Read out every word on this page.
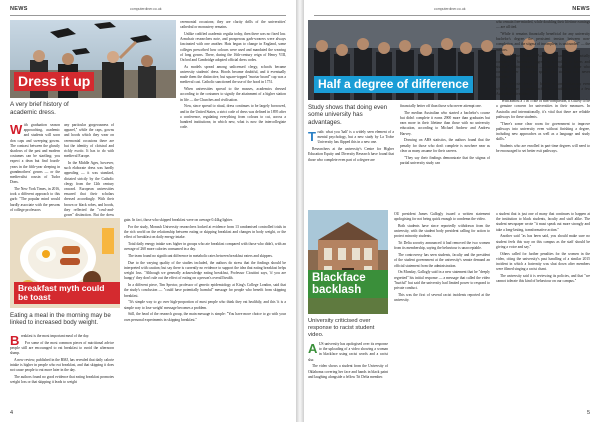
NEWS	computerdiner.co.uk
Dress it up
A very brief history of academic dress.

With graduation season approaching, academic and students will soon don caps and sweeping gowns. The contrast between the ghostly shadows of the past and modern costumes can be startling; you expect a dean but find fourth-years in the fifth-year sleeping in grandmothers' gowns — or the medievalist cousin of Tudor Dons.

The New York Times, in 2016, took a different approach to this garb: "The popular mind would hardly associate with the persons of college professors

any particular gorgeousness of apparel," while the caps, gowns and hoods which they wear on ceremonial occasions there are but the identity of cloistral and richly exotic. It has to do with medieval Europe.

In the Middle Ages, however, such elaborate dress was hardly appealing — it was standard, dictated strictly by the Catholic clergy from the 12th century onward. European universities ensured that their scholars dressed accordingly. With their brown or black robes, and hoods, they reflected the "cowl-and-gown" distinction. But the dress

ceremonial occasions; they are clarity drills of the universities' cathedral or monastery remains.

Unlike codified academic regalia today, then there was no fixed law. Armchair researchers note, and prosperous garb-wearers were always fascinated with one another. Hats began to change in England, some colleges prescribed how colours were used and mandated the wearing of long gowns. There, during the 16th-century reign of Henry VIII, Oxford and Cambridge adopted official dress codes.

As models spread among unlicensed clergy, schools became university students' dress. Hoods became doubtful, and it eventually made them the distinctive, but square-topped "mortar board" cap was a medieval cast. Catholic sanctioned the use of the hood in 1751.

When universities spread to the masses, academics dressed according to the costumes to signify the attainment of a higher station in life — the Churches and civilisation.

Now, since spread to ritual, dress continues to be largely borrowed, and in the United States, a strict code of dress was defined in 1895 after a conference, regulating everything from colours to cut, across a hundred institutions; in which new, what is now the intercollegiate code.

Breakfast myth could be toast
Eating a meal in the morning may be linked to increased body weight.

Breakfast is the most important meal of the day.

For some of the most common pieces of nutritional advice people still are encouraged to eat breakfast to avoid the afternoon slump.

A new review, published in the BMJ, has revealed that daily calorie intake is higher in people who eat breakfast, and that skipping it does not cause people to eat more later in the day.

The authors found no good evidence that eating breakfast promotes weight loss or that skipping it leads to weight

gain. In fact, those who skipped breakfast were on average 0.44kg lighter.

For the study, Monash University researchers looked at evidence from 13 randomised controlled trials in the rich world on the relationship between eating or skipping breakfast and changes in body weight, or the effect of breakfast on daily energy intake.

Total daily energy intake was higher in groups who ate breakfast compared with those who didn't, with an average of 260 more calories consumed in a day.

The team found no significant difference in metabolic rates between breakfast eaters and skippers.

Due to the varying quality of the studies included, the authors do stress that the findings should be interpreted with caution; but say there is currently no evidence to support the idea that eating breakfast helps weight loss. "Although we generally acknowledge eating breakfast, Professor Cicuttini says, 'if you are hungry' they don't rule out the effect of eating on a person's overall health.

In a different piece, Tim Spector, professor of genetic epidemiology at King's College London, said that the study's conclusion — "could have potentially harmful" message for people who benefit from skipping breakfast.

"It's simple way to go over high-proportion of most people who think they eat healthily, and this 'it is a simple way to lose weight' message becomes a problem.

Still, the head of the research group, the main message is simple: "You have more choice to go with your own personal experiments in skipping breakfast."

4
computerdiner.co.uk	NEWS
Half a degree of difference
Study shows that doing even some university has advantages.

Truth: what you 'half' is a widely seen element of a mental psychology, but a new study by La Trobe University has flipped this in a new one.

Researchers at the university's Centre for Higher Education Equity and Diversity Research have found that those who complete even part of a degree are

financially better off than those who never attempt one.

The median Australian who started a bachelor's course but didn't complete it earns 2900 more than graduates but earn more in their lifetime than those with no university education, according to Michael Andrew and Andrew Harvey.

Drawing on ABS statistics, the authors found that the penalty for those who don't complete is nowhere near as clear as many assume for their careers.

"They say their findings demonstrate that the stigma of partial university study can

who remain free-minded, while doubling their lifetime earnings — are all tied.

"While it remains financially beneficial for any university bachelor's degree, the persistent tension between non-completion, and the stigma of incomplete, is unfounded" — the authors.

Around one million Australians have only partially completed a bachelor's degree, or according to Lucas and students' lifetime earnings — those results for those who complete over what they spend: that students who never complete.

"Our analysis shows the benefit of some university even when there are no pupils included — students at only a few Australian universities.

"With almost a 1 in 5 rate of non-completion, it's likely to be a genuine concern for universities in their measures. In Australia and internationally, it's vital that there are reliable pathways for these students.

"There's some clear room for government to improve pathways into university even without finishing a degree, including new approaches as well as a language and study skills."

Students who are enrolled in part-time degrees will need to be encouraged to set better exit pathways.

Blackface backlash
University criticised over response to racist student video.

AUS university has apologised over its response to the uploading of a video showing a woman in blackface using racist words and a racist slur.

The video shows a student from the University of Oklahoma covering her face and hands in black paint and laughing alongside a fellow Tri Delta member.

OU president James Gallogly issued a written statement apologising for not being quick enough to condemn the video.

Both students have since reportedly withdrawn from the university, with the student body president calling for action to protect minority students.

Tri Delta sorority announced it had removed the two women from its membership, saying the behaviour is unacceptable.

The controversy has seen students, faculty and the president of the student government at the university's senate demand an official statement from the administration.

On Monday, Gallogly said in a new statement that he "deeply regretted" his initial response — a message that called the video "hurtful" but said the university had limited power to respond to private conduct.

This was the first of several racist incidents reported at the university.

a student that is just one of many that continues to happen at the institution to black students, faculty and staff alike. The student newspaper wrote "it must speak out more strongly and take a long-lasting, transformative action."

Another said "as has been said, you should make sure no student feels this way on this campus as the staff should be giving a voice and say."

Others called for further penalties for the women in the video, citing the university's past handling of a similar 2015 incident in which a fraternity was shut down after members were filmed singing a racist chant.

The university said it is reviewing its policies, and that "we cannot tolerate this kind of behaviour on our campus."

5
